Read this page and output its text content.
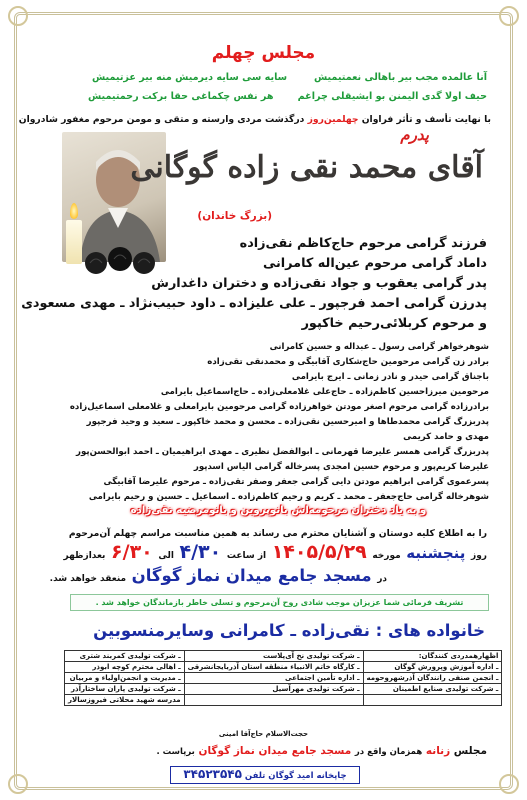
مجلس چهلم
آنا عالمده مجب بیر باهالی نعمتیمیش
سایه سی سایه دیرمیش منه بیر عزتیمیش
حیف اولا گدی الیمنن بو ایشیقلی چراغم
هر نفس چکماغی حقا برکت رحمتیمیش
با نهایت تأسف و تأثر فراوان چهلمین‌روز درگذشت مردی وارسته و متقی و مومن مرحوم مغفور شادروان
پدرم
آقای محمد نقی زاده گوگانی
(بزرگ خاندان)
فرزند گرامی مرحوم حاج‌کاظم نقی‌زاده
داماد گرامی مرحوم عین‌اله کامرانی
پدر گرامی یعقوب و جواد نقی‌زاده و دختران داغدارش
پدرزن گرامی احمد فرجپور ـ علی علیزاده ـ داود حبیب‌نژاد ـ مهدی مسعودی
و مرحوم کربلائی‌رحیم خاکپور
شوهرخواهر گرامی رسول ـ عبداله و حسین کامرانی
برادر زن گرامی مرحومین حاج‌شکاری آقابیگی و محمدنقی تقی‌زاده
باجناق گرامی حیدر و نادر زمانی ـ ایرج بایرامی
مرحومین میرزاحسین کاظم‌زاده ـ حاج‌علی غلامعلی‌زاده ـ حاج‌اسماعیل بایرامی
برادرزاده گرامی مرحوم اصغر مودتن خواهرزاده گرامی مرحومین بایرامعلی و غلامعلی اسماعیل‌زاده
پدربزرگ گرامی محمدطاها و امیرحسین نقی‌زاده ـ محسن و محمد خاکپور ـ سعید و وحید فرجپور
مهدی و حامد کریمی
پدربزرگ گرامی همسر علیرضا قهرمانی ـ ابوالفضل نظیری ـ مهدی ابراهیمیان ـ احمد ابوالحسن‌پور
علیرضا کریم‌پور و مرحوم حسین امجدی پسرخاله گرامی الیاس اسدپور
پسرعموی گرامی ابراهیم مودتن دایی گرامی جعفر وصفر تقی‌زاده ـ مرحوم علیرضا آقابیگی
شوهرخاله گرامی حاج‌جعفر ـ محمد ـ کریم و رحیم کاظم‌زاده ـ اسماعیل ـ حسین و رحیم بایرامی
و به یاد دختران مرحومه‌اش بانوپروین و بانومرضیه نقی‌زاده
را به اطلاع کلیه دوستان و آشنایان محترم می رساند به همین مناسبت مراسم چهلم آن‌مرحوم
روز پنجشنبه مورخه ۱۴۰۵/۵/۲۹ از ساعت ۴/۳۰ الی ۶/۳۰ بعدازظهر
در مسجد جامع میدان نماز گوگان منعقد خواهد شد.
تشریف فرمائی شما عزیزان موجب شادی روح آن‌مرحوم و تسلی خاطر بازماندگان خواهد شد .
خانواده های : نقی‌زاده ـ کامرانی وسایرمنسوبین
اظهارهمدردی کنندگان:	ـ شرکت تولیدی نخ آی‌پلاست	ـ شرکت تولیدی کمربند شتری
ـ اداره آموزش وپرورش گوگان	ـ کارگاه خاتم الانبیاء منطقه استان آذربایجانشرقی	ـ اهالی محترم کوچه ابوذر
ـ انجمن صنفی رانندگان آذرشهروحومه	ـ اداره تأمین اجتماعی	ـ مدیریت و انجمن‌اولیاء و مربیان
ـ شرکت تولیدی صنایع اطمینان	ـ شرکت تولیدی مهرآسیل	ـ شرکت تولیدی پاران ساختارآذر
		مدرسه شهید محلاتی فیروزسالار
حجت‌الاسلام حاج‌آقا امینی
مجلس زنانه همزمان واقع در مسجد جامع میدان نماز گوگان برپاست .
چاپخانه امید گوگان تلفن ۳۴۵۲۳۵۴۵
